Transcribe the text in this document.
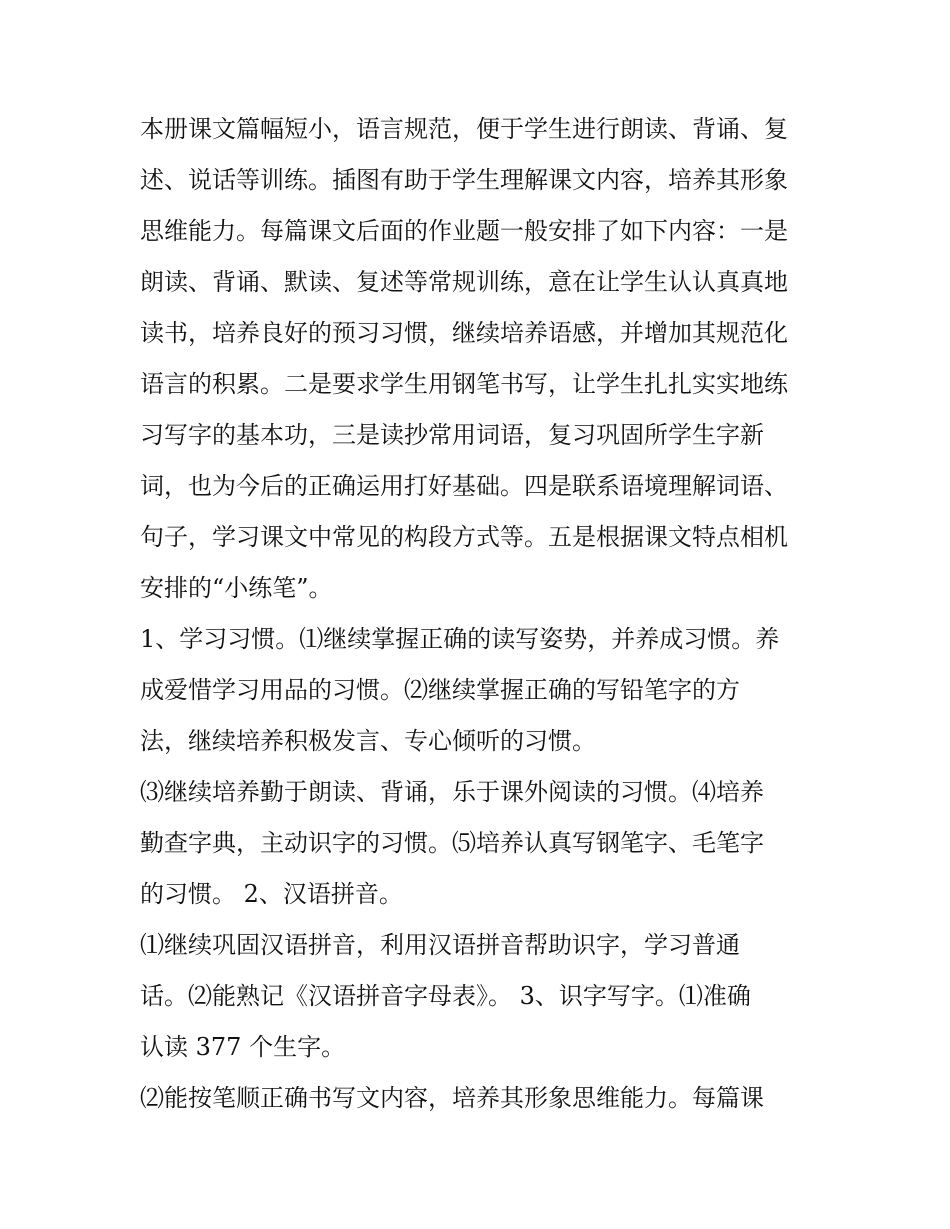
本册课文篇幅短小，语言规范，便于学生进行朗读、背诵、复
述、说话等训练。插图有助于学生理解课文内容，培养其形象
思维能力。每篇课文后面的作业题一般安排了如下内容：一是
朗读、背诵、默读、复述等常规训练，意在让学生认认真真地
读书，培养良好的预习习惯，继续培养语感，并增加其规范化
语言的积累。二是要求学生用钢笔书写，让学生扎扎实实地练
习写字的基本功，三是读抄常用词语，复习巩固所学生字新
词，也为今后的正确运用打好基础。四是联系语境理解词语、
句子，学习课文中常见的构段方式等。五是根据课文特点相机
安排的“小练笔”。
1、学习习惯。⑴继续掌握正确的读写姿势，并养成习惯。养
成爱惜学习用品的习惯。⑵继续掌握正确的写铅笔字的方
法，继续培养积极发言、专心倾听的习惯。
⑶继续培养勤于朗读、背诵，乐于课外阅读的习惯。⑷培养
勤查字典，主动识字的习惯。⑸培养认真写钢笔字、毛笔字
的习惯。 2、汉语拼音。
⑴继续巩固汉语拼音，利用汉语拼音帮助识字，学习普通
话。⑵能熟记《汉语拼音字母表》。 3、识字写字。⑴准确
认读 377 个生字。
⑵能按笔顺正确书写文内容，培养其形象思维能力。每篇课
